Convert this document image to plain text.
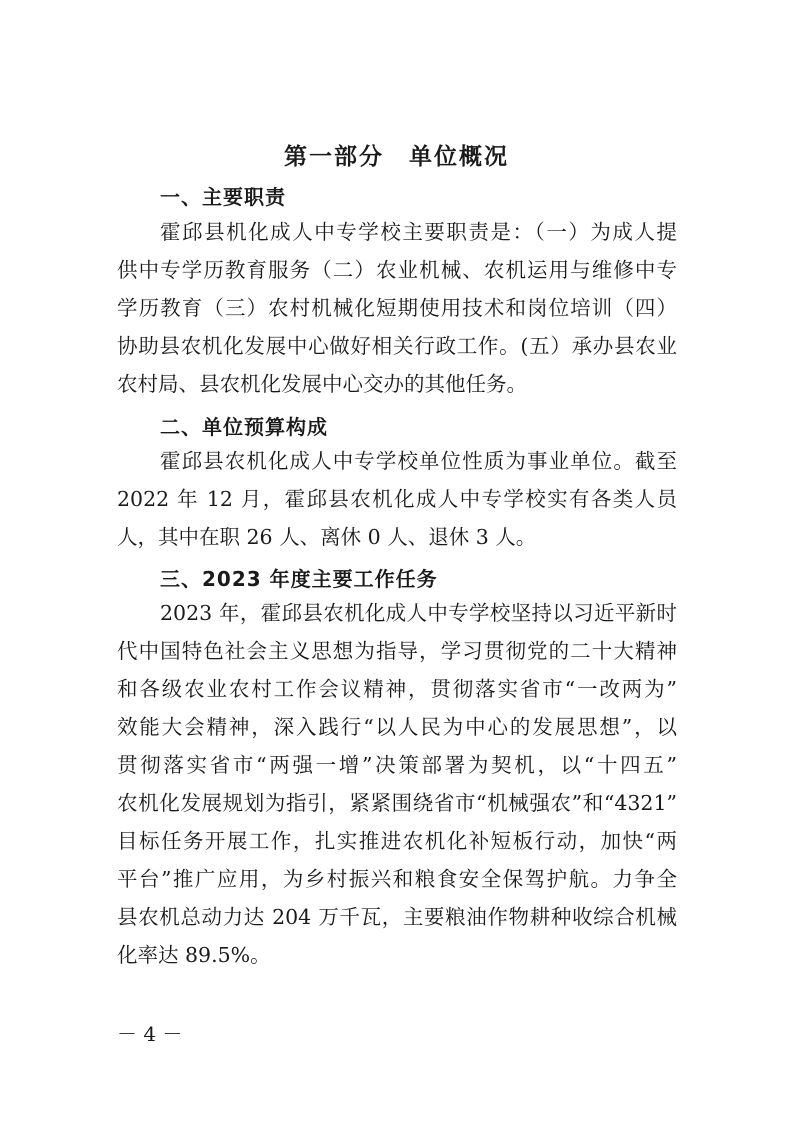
第一部分　单位概况
一、主要职责
霍邱县机化成人中专学校主要职责是：（一）为成人提
供中专学历教育服务（二）农业机械、农机运用与维修中专
学历教育（三）农村机械化短期使用技术和岗位培训（四）
协助县农机化发展中心做好相关行政工作。(五）承办县农业
农村局、县农机化发展中心交办的其他任务。
二、单位预算构成
霍邱县农机化成人中专学校单位性质为事业单位。截至
2022 年 12 月，霍邱县农机化成人中专学校实有各类人员
人，其中在职 26 人、离休 0 人、退休 3 人。
三、2023 年度主要工作任务
2023 年，霍邱县农机化成人中专学校坚持以习近平新时
代中国特色社会主义思想为指导，学习贯彻党的二十大精神
和各级农业农村工作会议精神，贯彻落实省市“一改两为”
效能大会精神，深入践行“以人民为中心的发展思想”，以
贯彻落实省市“两强一增”决策部署为契机，以“十四五”
农机化发展规划为指引，紧紧围绕省市“机械强农”和“4321”
目标任务开展工作，扎实推进农机化补短板行动，加快“两
平台”推广应用，为乡村振兴和粮食安全保驾护航。力争全
县农机总动力达 204 万千瓦，主要粮油作物耕种收综合机械
化率达 89.5%。
－ 4 －
